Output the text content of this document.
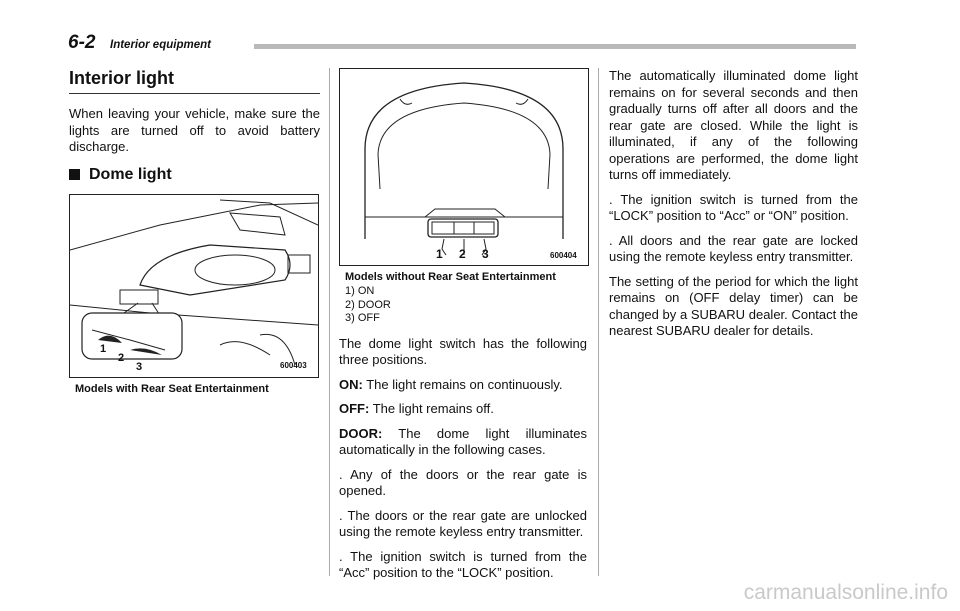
6-2 Interior equipment
Interior light

When leaving your vehicle, make sure the lights are turned off to avoid battery discharge.

Dome light
600403
1
2
3
Models with Rear Seat Entertainment
1 2 3	600404
Models without Rear Seat Entertainment
1) ON
2) DOOR
3) OFF

The dome light switch has the following three positions.

ON: The light remains on continuously.

OFF: The light remains off.

DOOR: The dome light illuminates automatically in the following cases.

. Any of the doors or the rear gate is opened.

. The doors or the rear gate are unlocked using the remote keyless entry transmitter.

. The ignition switch is turned from the “Acc” position to the “LOCK” position.

The automatically illuminated dome light remains on for several seconds and then gradually turns off after all doors and the rear gate are closed. While the light is illuminated, if any of the following operations are performed, the dome light turns off immediately.

. The ignition switch is turned from the “LOCK” position to “Acc” or “ON” position.

. All doors and the rear gate are locked using the remote keyless entry transmitter.

The setting of the period for which the light remains on (OFF delay timer) can be changed by a SUBARU dealer. Contact the nearest SUBARU dealer for details.

carmanualsonline.info
